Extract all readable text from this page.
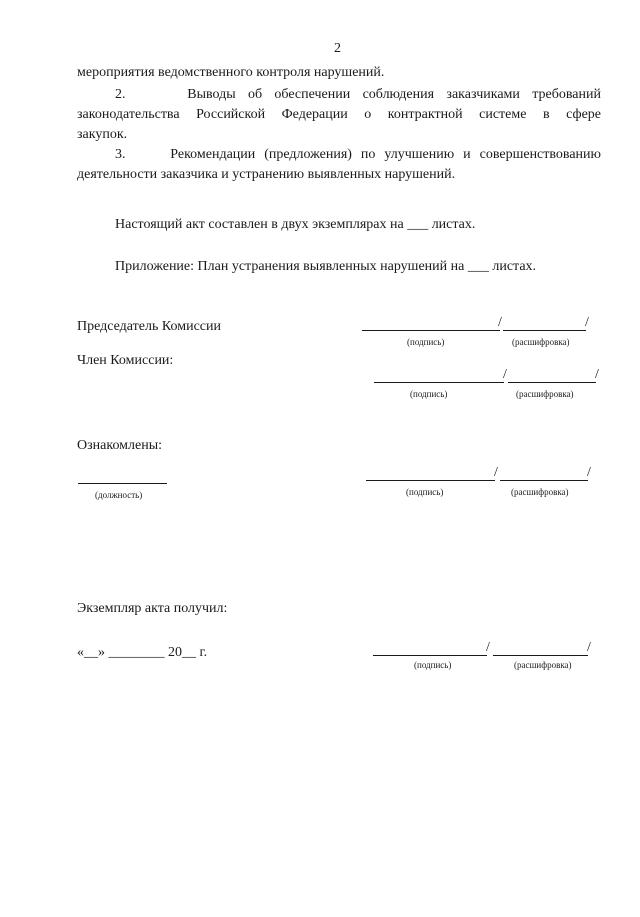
2
мероприятия ведомственного контроля нарушений.
2.     Выводы об обеспечении соблюдения заказчиками требований
законодательства Российской Федерации о контрактной системе в сфере
закупок.
3.     Рекомендации (предложения) по улучшению и совершенствованию
деятельности заказчика и устранению выявленных нарушений.
Настоящий акт составлен в двух экземплярах на ___ листах.
Приложение: План устранения выявленных нарушений на ___ листах.
Председатель Комиссии	/	/
(подпись)	(расшифровка)
Член Комиссии:
/	/
(подпись)	(расшифровка)
Ознакомлены:
(должность)
/	/
(подпись)	(расшифровка)
Экземпляр акта получил:
«__» ________ 20__ г.	/	/
(подпись)	(расшифровка)
